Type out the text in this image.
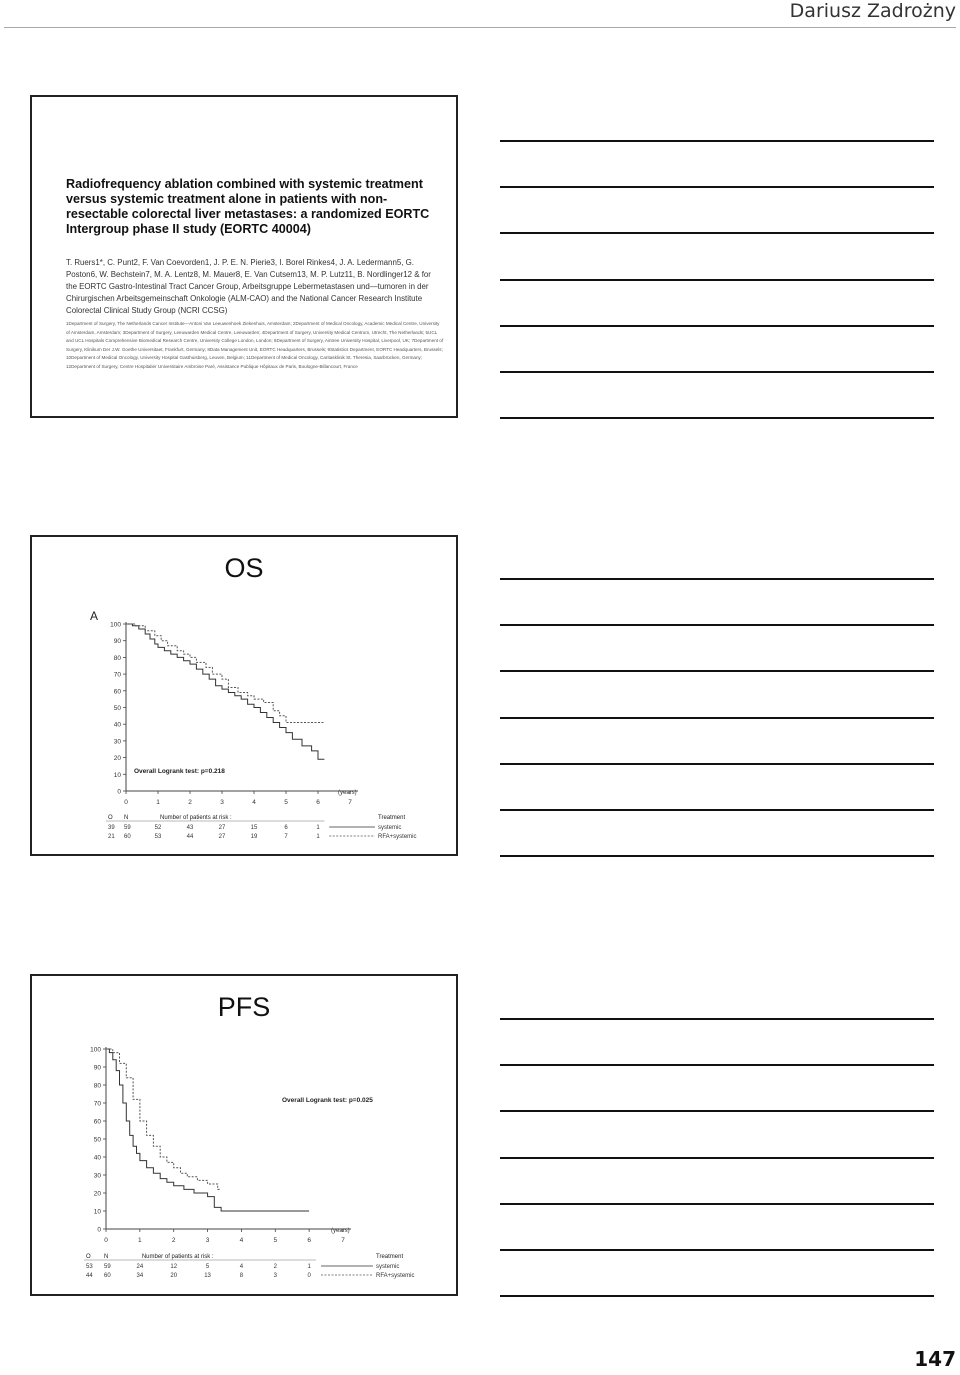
Dariusz Zadrożny
Radiofrequency ablation combined with systemic treatment versus systemic treatment alone in patients with non-resectable colorectal liver metastases: a randomized EORTC Intergroup phase II study (EORTC 40004)
T. Ruers1*, C. Punt2, F. Van Coevorden1, J. P. E. N. Pierie3, I. Borel Rinkes4, J. A. Ledermann5, G. Poston6, W. Bechstein7, M. A. Lentz8, M. Mauer8, E. Van Cutsem13, M. P. Lutz11, B. Nordlinger12 & for the EORTC Gastro-Intestinal Tract Cancer Group, Arbeitsgruppe Lebermetastasen und—tumoren in der Chirurgischen Arbeitsgemeinschaft Onkologie (ALM-CAO) and the National Cancer Research Institute Colorectal Clinical Study Group (NCRI CCSG)
1Department of Surgery, The Netherlands Cancer Institute—Antoni Van Leeuwenhoek Ziekenhuis, Amsterdam; 2Department of Medical Oncology, Academic Medical Centre, University of Amsterdam, Amsterdam; 3Department of Surgery, Leeuwarden Medical Centre, Leeuwarden; 4Department of Surgery, University Medical Centrum, Utrecht, The Netherlands; 5UCL and UCL Hospitals Comprehensive Biomedical Research Centre, University College London, London; 6Department of Surgery, Aintree University Hospital, Liverpool, UK; 7Department of Surgery, Klinikum Der J.W. Goethe Universitaet, Frankfurt, Germany; 8Data Management Unit, EORTC Headquarters, Brussels; 9Statistics Department, EORTC Headquarters, Brussels; 10Department of Medical Oncology, University Hospital Gasthuisberg, Leuven, Belgium; 11Department of Medical Oncology, Caritasklinik St. Theresia, Saarbrücken, Germany; 12Department of Surgery, Centre Hospitalier Universitaire Ambroise Paré, Assistance Publique Hôpitaux de Paris, Boulogne-Billancourt, France
OS
A
0
10
20
30
40
50
60
70
80
90
100
0	1	2	3	4	5	6	7
(years)
Overall Logrank test: p=0.218
O N	Number of patients at risk :	Treatment
39 59	52	43	27	15	6	1	systemic
21 60	53	44	27	19	7	1	RFA+systemic
PFS
0
10
20
30
40
50
60
70
80
90
100
0	1	2	3	4	5	6	7
(years)
Overall Logrank test: p=0.025
O N	Number of patients at risk :	Treatment
53 59	24	12	5	4	2	1	systemic
44 60	34	20	13	8	3	0	RFA+systemic
147
